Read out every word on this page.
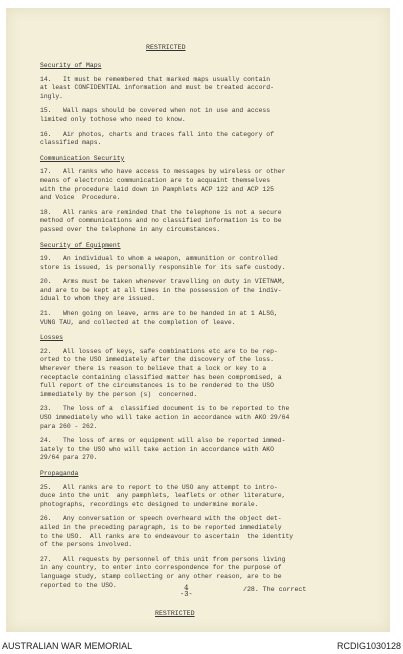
RESTRICTED
Security of Maps
14.   It must be remembered that marked maps usually contain
at least CONFIDENTIAL information and must be treated accord-
ingly.
15.   Wall maps should be covered when not in use and access
limited only tothose who need to know.
16.   Air photos, charts and traces fall into the category of
classified maps.
Communication Security
17.   All ranks who have access to messages by wireless or other
means of electronic communication are to acquaint themselves
with the procedure laid down in Pamphlets ACP 122 and ACP 125
and Voice  Procedure.
18.   All ranks are reminded that the telephone is not a secure
method of communications and no classified information is to be
passed over the telephone in any circumstances.
Security of Equipment
19.   An individual to whom a weapon, ammunition or controlled
store is issued, is personally responsible for its safe custody.
20.   Arms must be taken whenever travelling on duty in VIETNAM,
and are to be kept at all times in the possession of the indiv-
idual to whom they are issued.
21.   When going on leave, arms are to be handed in at 1 ALSG,
VUNG TAU, and collected at the completion of leave.
Losses
22.   All losses of keys, safe combinations etc are to be rep-
orted to the USO immediately after the discovery of the loss.
Wherever there is reason to believe that a lock or key to a
receptacle containing classified matter has been compromised, a
full report of the circumstances is to be rendered to the USO
immediately by the person (s)  concerned.
23.   The loss of a  classified document is to be reported to the
USO immediately who will take action in accordance with AKO 29/64
para 260 - 262.
24.   The loss of arms or equipment will also be reported immed-
iately to the USO who will take action in accordance with AKO
29/64 para 270.
Propaganda
25.   All ranks are to report to the USO any attempt to intro-
duce into the unit  any pamphlets, leaflets or other literature,
photographs, recordings etc designed to undermine morale.
26.   Any conversation or speech overheard with the object det-
ailed in the preceding paragraph, is to be reported immediately
to the USO.  All ranks are to endeavour to ascertain  the identity
of the persons involved.
27.   All requests by personnel of this unit from persons living
in any country, to enter into correspondence for the purpose of
language study, stamp collecting or any other reason, are to be
reported to the USO.	4
-3-
/28. The correct
RESTRICTED
AUSTRALIAN WAR MEMORIAL	RCDIG1030128
